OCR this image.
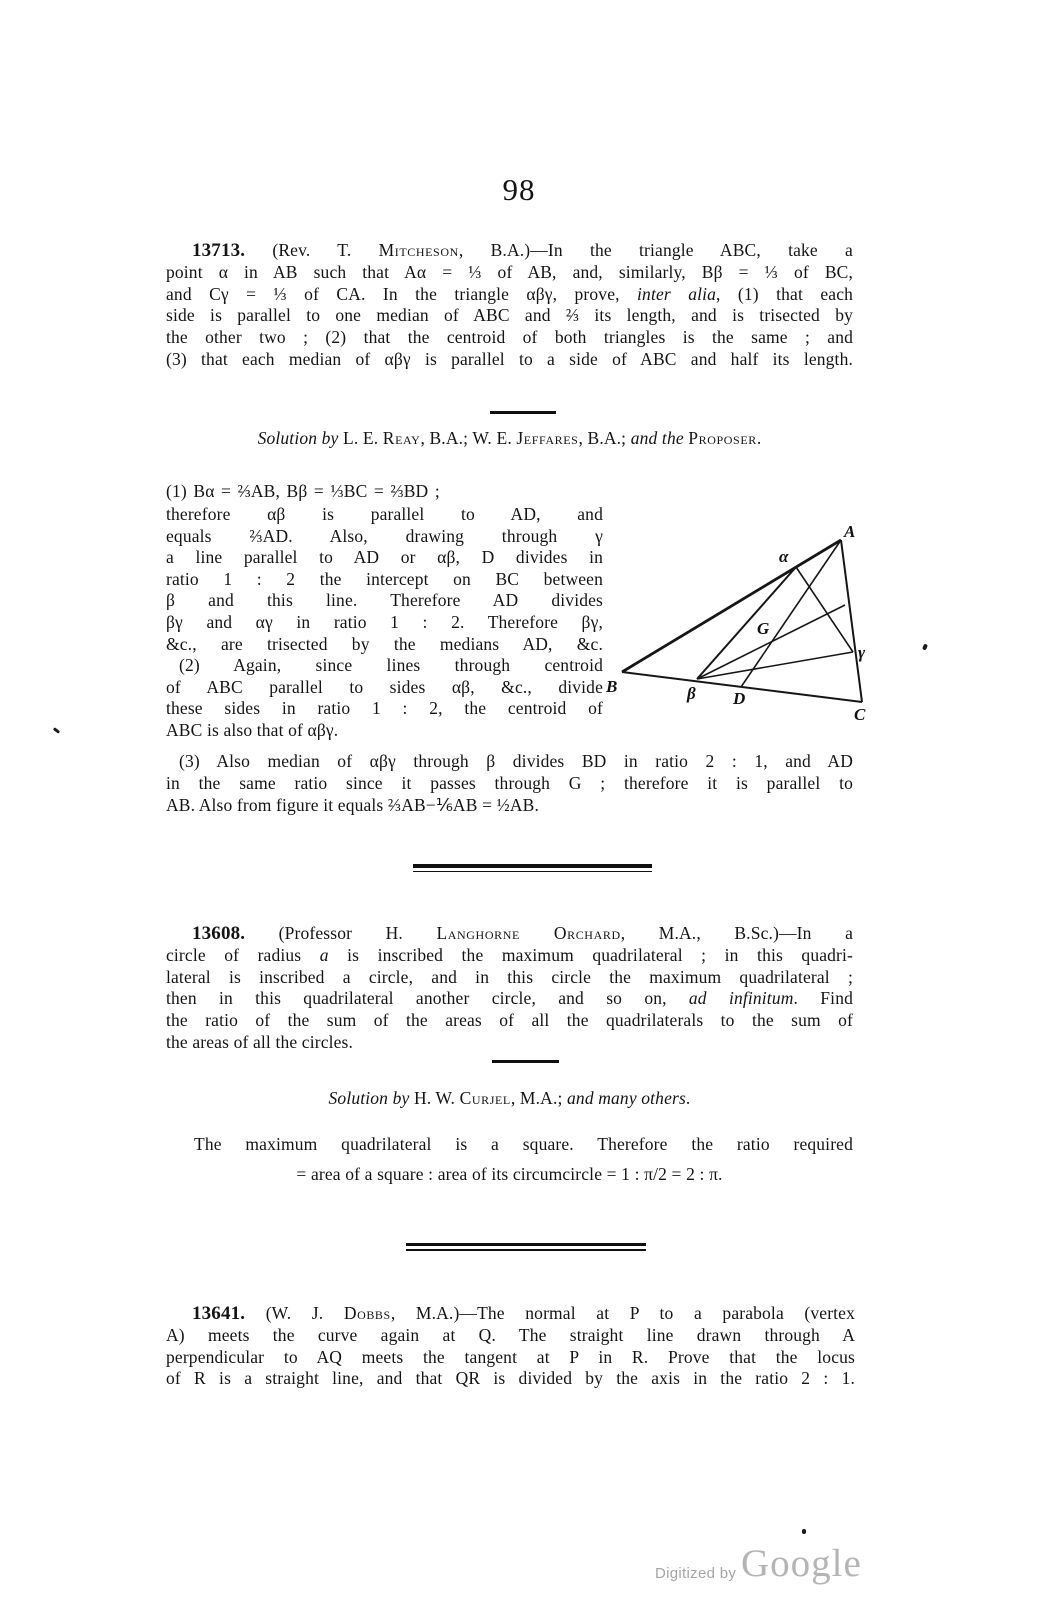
98
13713. (Rev. T. Mitcheson, B.A.)—In the triangle ABC, take a
point α in AB such that Aα = ⅓ of AB, and, similarly, Bβ = ⅓ of BC,
and Cγ = ⅓ of CA. In the triangle αβγ, prove, inter alia, (1) that each
side is parallel to one median of ABC and ⅔ its length, and is trisected by
the other two ; (2) that the centroid of both triangles is the same ; and
(3) that each median of αβγ is parallel to a side of ABC and half its length.
Solution by L. E. Reay, B.A.; W. E. Jeffares, B.A.; and the Proposer.
(1) Bα = ⅔AB, Bβ = ⅓BC = ⅔BD ;
therefore αβ is parallel to AD, and
equals ⅔AD. Also, drawing through γ
a line parallel to AD or αβ, D divides in
ratio 1 : 2 the intercept on BC between
β and this line. Therefore AD divides
βγ and αγ in ratio 1 : 2. Therefore βγ,
&c., are trisected by the medians AD, &c.
(2) Again, since lines through centroid
of ABC parallel to sides αβ, &c., divide
these sides in ratio 1 : 2, the centroid of
ABC is also that of αβγ.
A
B
C
D
G
α
β
γ
(3) Also median of αβγ through β divides BD in ratio 2 : 1, and AD
in the same ratio since it passes through G ; therefore it is parallel to
AB. Also from figure it equals ⅔AB−⅙AB = ½AB.
13608. (Professor H. Langhorne Orchard, M.A., B.Sc.)—In a
circle of radius a is inscribed the maximum quadrilateral ; in this quadri-
lateral is inscribed a circle, and in this circle the maximum quadrilateral ;
then in this quadrilateral another circle, and so on, ad infinitum. Find
the ratio of the sum of the areas of all the quadrilaterals to the sum of
the areas of all the circles.
Solution by H. W. Curjel, M.A.; and many others.
The maximum quadrilateral is a square. Therefore the ratio required
= area of a square : area of its circumcircle = 1 : π/2 = 2 : π.
13641. (W. J. Dobbs, M.A.)—The normal at P to a parabola (vertex
A) meets the curve again at Q. The straight line drawn through A
perpendicular to AQ meets the tangent at P in R. Prove that the locus
of R is a straight line, and that QR is divided by the axis in the ratio 2 : 1.
Digitized by Google
